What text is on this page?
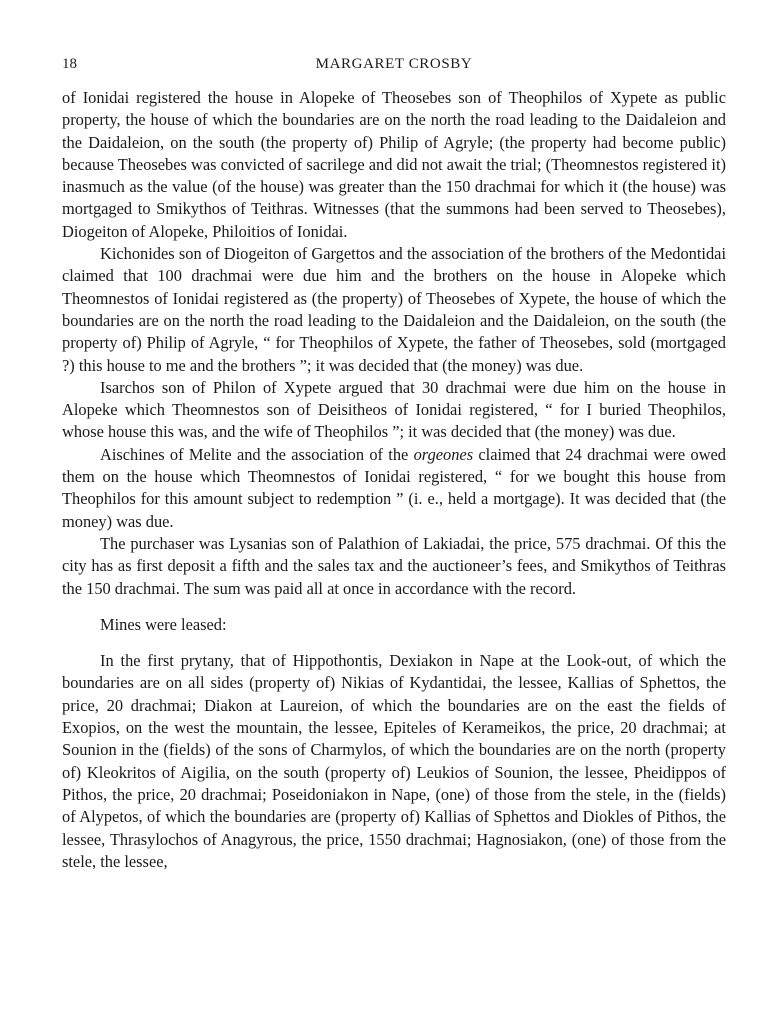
18	MARGARET CROSBY

of Ionidai registered the house in Alopeke of Theosebes son of Theophilos of Xypete as public property, the house of which the boundaries are on the north the road leading to the Daidaleion and the Daidaleion, on the south (the property of) Philip of Agryle; (the property had become public) because Theosebes was convicted of sacrilege and did not await the trial; (Theomnestos registered it) inasmuch as the value (of the house) was greater than the 150 drachmai for which it (the house) was mortgaged to Smikythos of Teithras. Witnesses (that the summons had been served to Theosebes), Diogeiton of Alopeke, Philoitios of Ionidai.

Kichonides son of Diogeiton of Gargettos and the association of the brothers of the Medontidai claimed that 100 drachmai were due him and the brothers on the house in Alopeke which Theomnestos of Ionidai registered as (the property) of Theosebes of Xypete, the house of which the boundaries are on the north the road leading to the Daidaleion and the Daidaleion, on the south (the property of) Philip of Agryle, “ for Theophilos of Xypete, the father of Theosebes, sold (mortgaged ?) this house to me and the brothers ”; it was decided that (the money) was due.

Isarchos son of Philon of Xypete argued that 30 drachmai were due him on the house in Alopeke which Theomnestos son of Deisitheos of Ionidai registered, “ for I buried Theophilos, whose house this was, and the wife of Theophilos ”; it was decided that (the money) was due.

Aischines of Melite and the association of the orgeones claimed that 24 drachmai were owed them on the house which Theomnestos of Ionidai registered, “ for we bought this house from Theophilos for this amount subject to redemption ” (i. e., held a mortgage). It was decided that (the money) was due.

The purchaser was Lysanias son of Palathion of Lakiadai, the price, 575 drachmai. Of this the city has as first deposit a fifth and the sales tax and the auctioneer’s fees, and Smikythos of Teithras the 150 drachmai. The sum was paid all at once in accordance with the record.

Mines were leased:

In the first prytany, that of Hippothontis, Dexiakon in Nape at the Look-out, of which the boundaries are on all sides (property of) Nikias of Kydantidai, the lessee, Kallias of Sphettos, the price, 20 drachmai; Diakon at Laureion, of which the boundaries are on the east the fields of Exopios, on the west the mountain, the lessee, Epiteles of Kerameikos, the price, 20 drachmai; at Sounion in the (fields) of the sons of Charmylos, of which the boundaries are on the north (property of) Kleokritos of Aigilia, on the south (property of) Leukios of Sounion, the lessee, Pheidippos of Pithos, the price, 20 drachmai; Poseidoniakon in Nape, (one) of those from the stele, in the (fields) of Alypetos, of which the boundaries are (property of) Kallias of Sphettos and Diokles of Pithos, the lessee, Thrasylochos of Anagyrous, the price, 1550 drachmai; Hagnosiakon, (one) of those from the stele, the lessee,
